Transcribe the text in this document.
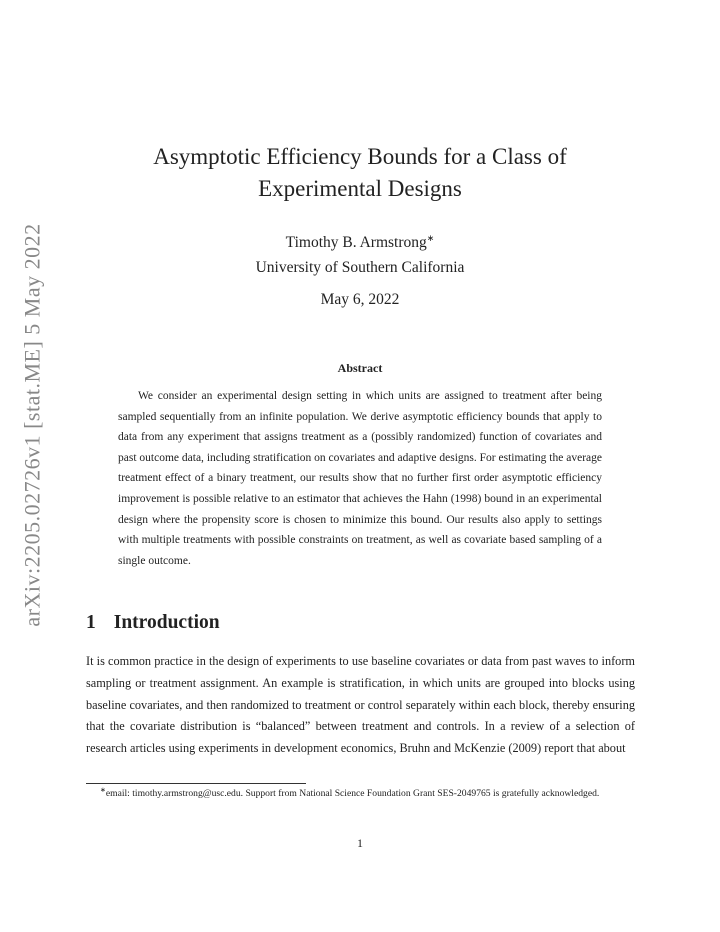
arXiv:2205.02726v1 [stat.ME] 5 May 2022
Asymptotic Efficiency Bounds for a Class of
Experimental Designs
Timothy B. Armstrong∗
University of Southern California
May 6, 2022
Abstract

We consider an experimental design setting in which units are assigned to treatment after being sampled sequentially from an infinite population. We derive asymptotic efficiency bounds that apply to data from any experiment that assigns treatment as a (possibly randomized) function of covariates and past outcome data, including stratification on covariates and adaptive designs. For estimating the average treatment effect of a binary treatment, our results show that no further first order asymptotic efficiency improvement is possible relative to an estimator that achieves the Hahn (1998) bound in an experimental design where the propensity score is chosen to minimize this bound. Our results also apply to settings with multiple treatments with possible constraints on treatment, as well as covariate based sampling of a single outcome.

1 Introduction

It is common practice in the design of experiments to use baseline covariates or data from past waves to inform sampling or treatment assignment. An example is stratification, in which units are grouped into blocks using baseline covariates, and then randomized to treatment or control separately within each block, thereby ensuring that the covariate distribution is “balanced” between treatment and controls. In a review of a selection of research articles using experiments in development economics, Bruhn and McKenzie (2009) report that about

∗email: timothy.armstrong@usc.edu. Support from National Science Foundation Grant SES-2049765 is gratefully acknowledged.

1
